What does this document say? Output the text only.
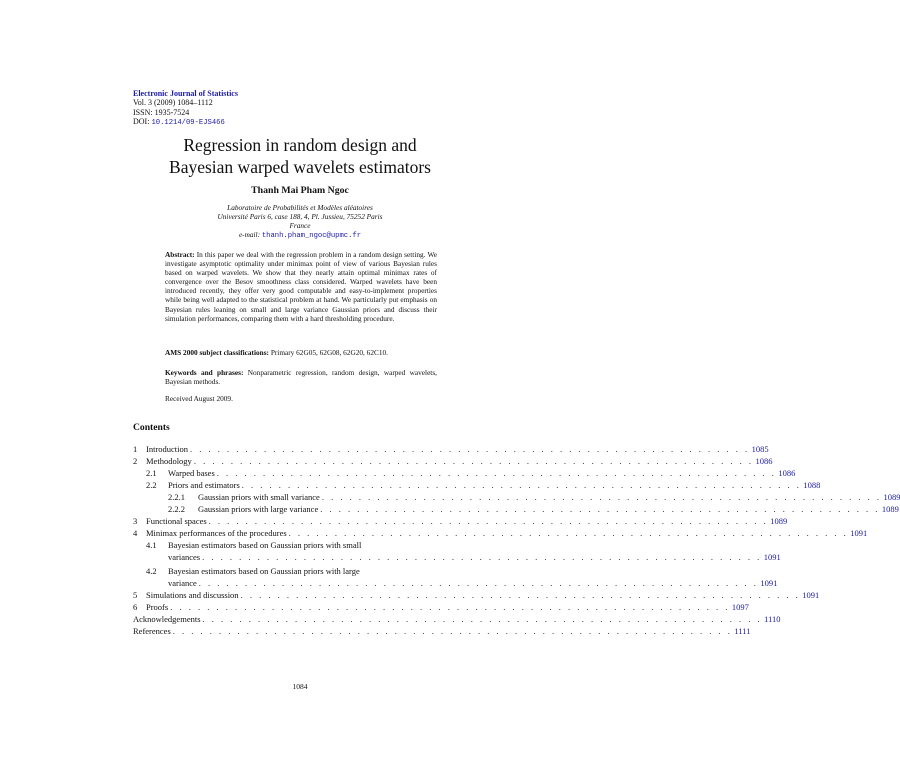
Electronic Journal of Statistics
Vol. 3 (2009) 1084–1112
ISSN: 1935-7524
DOI: 10.1214/09-EJS466
Regression in random design and
Bayesian warped wavelets estimators
Thanh Mai Pham Ngoc
Laboratoire de Probabilités et Modèles aléatoires
Université Paris 6, case 188, 4, Pl. Jussieu, 75252 Paris
France
e-mail: thanh.pham_ngoc@upmc.fr
Abstract: In this paper we deal with the regression problem in a random design setting. We investigate asymptotic optimality under minimax point of view of various Bayesian rules based on warped wavelets. We show that they nearly attain optimal minimax rates of convergence over the Besov smoothness class considered. Warped wavelets have been introduced recently, they offer very good computable and easy-to-implement properties while being well adapted to the statistical problem at hand. We particularly put emphasis on Bayesian rules leaning on small and large variance Gaussian priors and discuss their simulation performances, comparing them with a hard thresholding procedure.
AMS 2000 subject classifications: Primary 62G05, 62G08, 62G20, 62C10.
Keywords and phrases: Nonparametric regression, random design, warped wavelets, Bayesian methods.
Received August 2009.
Contents
1	Introduction . . . . . . . . . . . . . . . . . . . . . . . . . . . . . . . . . . . . . . . . . . . . . . . . . . . . . . . . . . . . . 1085
2	Methodology . . . . . . . . . . . . . . . . . . . . . . . . . . . . . . . . . . . . . . . . . . . . . . . . . . . . . . . . . . . . . 1086
2.1	Warped bases . . . . . . . . . . . . . . . . . . . . . . . . . . . . . . . . . . . . . . . . . . . . . . . . . . . . . . . . . . . . . 1086
2.2	Priors and estimators . . . . . . . . . . . . . . . . . . . . . . . . . . . . . . . . . . . . . . . . . . . . . . . . . . . . . . . . . . . . . 1088
2.2.1	Gaussian priors with small variance . . . . . . . . . . . . . . . . . . . . . . . . . . . . . . . . . . . . . . . . . . . . . . . . . . . . . . . . . . . . . 1089
2.2.2	Gaussian priors with large variance . . . . . . . . . . . . . . . . . . . . . . . . . . . . . . . . . . . . . . . . . . . . . . . . . . . . . . . . . . . . . 1089
3	Functional spaces . . . . . . . . . . . . . . . . . . . . . . . . . . . . . . . . . . . . . . . . . . . . . . . . . . . . . . . . . . . . . 1089
4	Minimax performances of the procedures . . . . . . . . . . . . . . . . . . . . . . . . . . . . . . . . . . . . . . . . . . . . . . . . . . . . . . . . . . . . . 1091
4.1	Bayesian estimators based on Gaussian priors with small
variances . . . . . . . . . . . . . . . . . . . . . . . . . . . . . . . . . . . . . . . . . . . . . . . . . . . . . . . . . . . . . 1091
4.2	Bayesian estimators based on Gaussian priors with large
variance . . . . . . . . . . . . . . . . . . . . . . . . . . . . . . . . . . . . . . . . . . . . . . . . . . . . . . . . . . . . . 1091
5	Simulations and discussion . . . . . . . . . . . . . . . . . . . . . . . . . . . . . . . . . . . . . . . . . . . . . . . . . . . . . . . . . . . . . 1091
6	Proofs . . . . . . . . . . . . . . . . . . . . . . . . . . . . . . . . . . . . . . . . . . . . . . . . . . . . . . . . . . . . . 1097
Acknowledgements . . . . . . . . . . . . . . . . . . . . . . . . . . . . . . . . . . . . . . . . . . . . . . . . . . . . . . . . . . . . . 1110
References . . . . . . . . . . . . . . . . . . . . . . . . . . . . . . . . . . . . . . . . . . . . . . . . . . . . . . . . . . . . . 1111
1084
